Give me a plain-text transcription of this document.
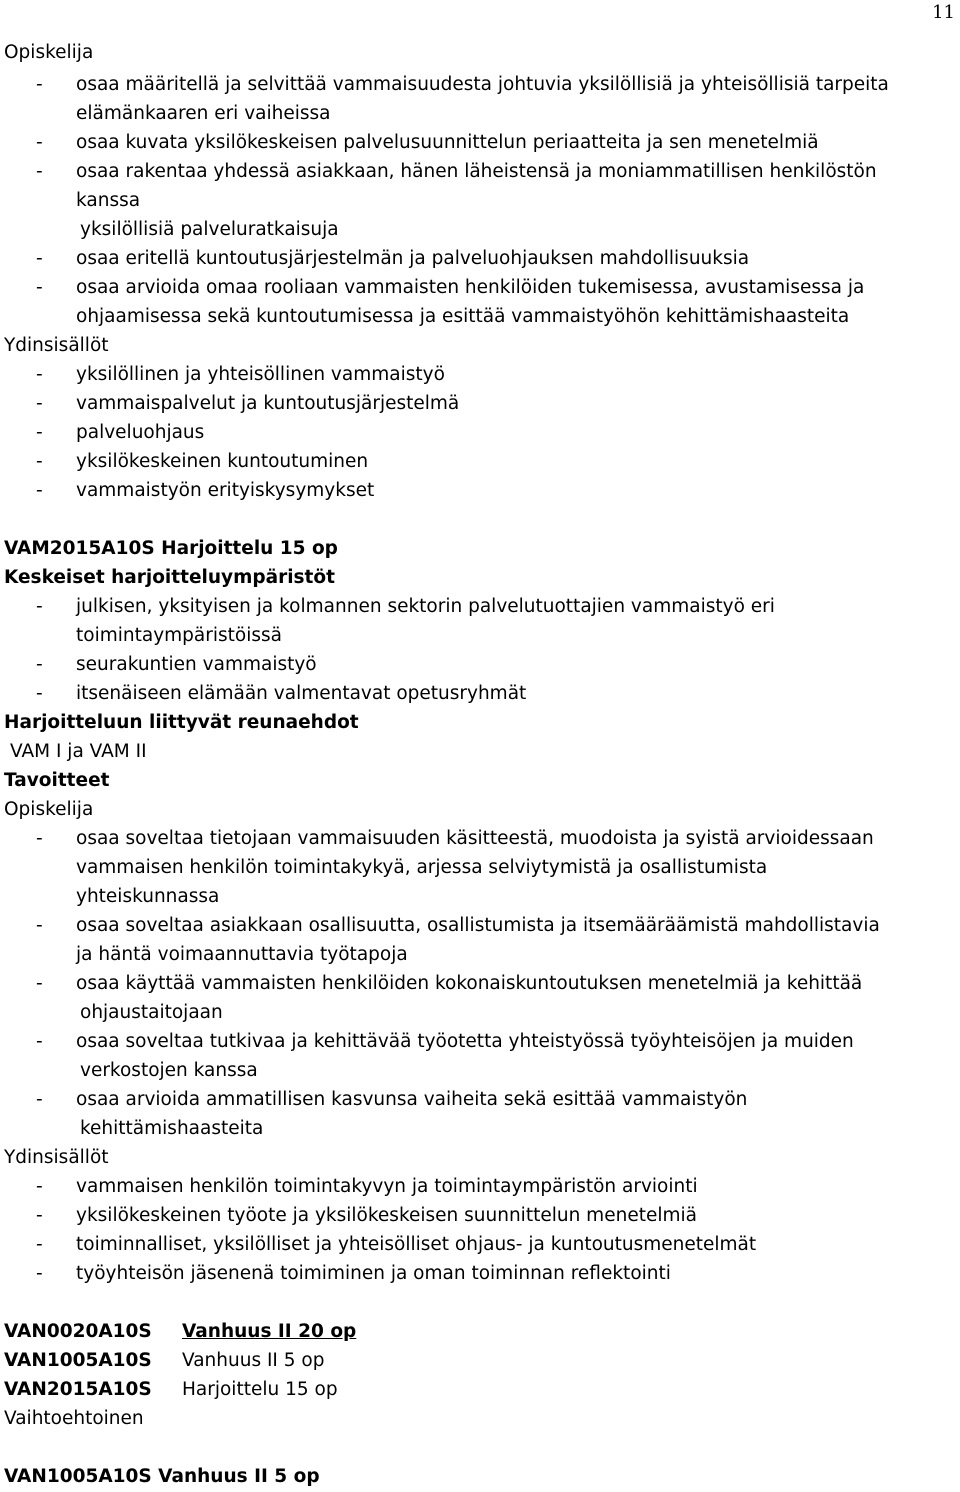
11
Opiskelija
- osaa määritellä ja selvittää vammaisuudesta johtuvia yksilöllisiä ja yhteisöllisiä tarpeita
elämänkaaren eri vaiheissa
- osaa kuvata yksilökeskeisen palvelusuunnittelun periaatteita ja sen menetelmiä
- osaa rakentaa yhdessä asiakkaan, hänen läheistensä ja moniammatillisen henkilöstön
kanssa
yksilöllisiä palveluratkaisuja
- osaa eritellä kuntoutusjärjestelmän ja palveluohjauksen mahdollisuuksia
- osaa arvioida omaa rooliaan vammaisten henkilöiden tukemisessa, avustamisessa ja
ohjaamisessa sekä kuntoutumisessa ja esittää vammaistyöhön kehittämishaasteita
Ydinsisällöt
- yksilöllinen ja yhteisöllinen vammaistyö
- vammaispalvelut ja kuntoutusjärjestelmä
- palveluohjaus
- yksilökeskeinen kuntoutuminen
- vammaistyön erityiskysymykset
VAM2015A10S Harjoittelu 15 op
Keskeiset harjoitteluympäristöt
- julkisen, yksityisen ja kolmannen sektorin palvelutuottajien vammaistyö eri
toimintaympäristöissä
- seurakuntien vammaistyö
- itsenäiseen elämään valmentavat opetusryhmät
Harjoitteluun liittyvät reunaehdot
VAM I ja VAM II
Tavoitteet
Opiskelija
- osaa soveltaa tietojaan vammaisuuden käsitteestä, muodoista ja syistä arvioidessaan
vammaisen henkilön toimintakykyä, arjessa selviytymistä ja osallistumista
yhteiskunnassa
- osaa soveltaa asiakkaan osallisuutta, osallistumista ja itsemääräämistä mahdollistavia
ja häntä voimaannuttavia työtapoja
- osaa käyttää vammaisten henkilöiden kokonaiskuntoutuksen menetelmiä ja kehittää
ohjaustaitojaan
- osaa soveltaa tutkivaa ja kehittävää työotetta yhteistyössä työyhteisöjen ja muiden
verkostojen kanssa
- osaa arvioida ammatillisen kasvunsa vaiheita sekä esittää vammaistyön
kehittämishaasteita
Ydinsisällöt
- vammaisen henkilön toimintakyvyn ja toimintaympäristön arviointi
- yksilökeskeinen työote ja yksilökeskeisen suunnittelun menetelmiä
- toiminnalliset, yksilölliset ja yhteisölliset ohjaus- ja kuntoutusmenetelmät
- työyhteisön jäsenenä toimiminen ja oman toiminnan reflektointi
VAN0020A10S Vanhuus II 20 op
VAN1005A10S Vanhuus II 5 op
VAN2015A10S Harjoittelu 15 op
Vaihtoehtoinen
VAN1005A10S Vanhuus II 5 op
